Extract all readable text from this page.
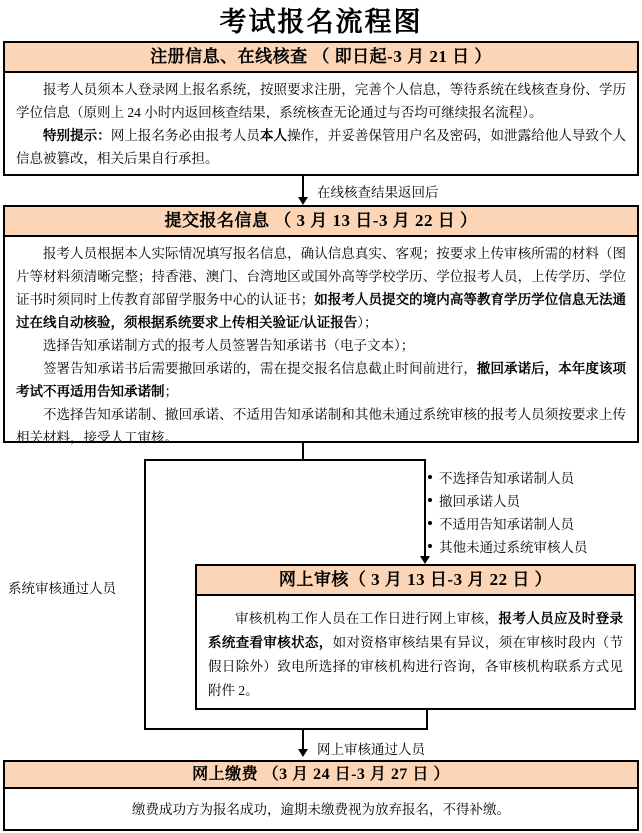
考试报名流程图
注册信息、在线核查 （ 即日起-3 月 21 日 ）

报考人员须本人登录网上报名系统，按照要求注册，完善个人信息，等待系统在线核查身份、学历学位信息（原则上 24 小时内返回核查结果，系统核查无论通过与否均可继续报名流程）。

特别提示：网上报名务必由报考人员本人操作，并妥善保管用户名及密码，如泄露给他人导致个人信息被篡改，相关后果自行承担。

在线核查结果返回后
提交报名信息 （ 3 月 13 日-3 月 22 日 ）

报考人员根据本人实际情况填写报名信息，确认信息真实、客观；按要求上传审核所需的材料（图片等材料须清晰完整；持香港、澳门、台湾地区或国外高等学校学历、学位报考人员，上传学历、学位证书时须同时上传教育部留学服务中心的认证书；如报考人员提交的境内高等教育学历学位信息无法通过在线自动核验，须根据系统要求上传相关验证/认证报告）；

选择告知承诺制方式的报考人员签署告知承诺书（电子文本）；

签署告知承诺书后需要撤回承诺的，需在提交报名信息截止时间前进行，撤回承诺后，本年度该项考试不再适用告知承诺制；

不选择告知承诺制、撤回承诺、不适用告知承诺制和其他未通过系统审核的报考人员须按要求上传相关材料，接受人工审核。

不选择告知承诺制人员
撤回承诺人员
不适用告知承诺制人员
其他未通过系统审核人员
系统审核通过人员	网上审核（ 3 月 13 日-3 月 22 日 ）

审核机构工作人员在工作日进行网上审核，报考人员应及时登录系统查看审核状态，如对资格审核结果有异议，须在审核时段内（节假日除外）致电所选择的审核机构进行咨询，各审核机构联系方式见附件 2。

网上审核通过人员
网上缴费 （3 月 24 日-3 月 27 日 ）

缴费成功方为报名成功，逾期未缴费视为放弃报名，不得补缴。
